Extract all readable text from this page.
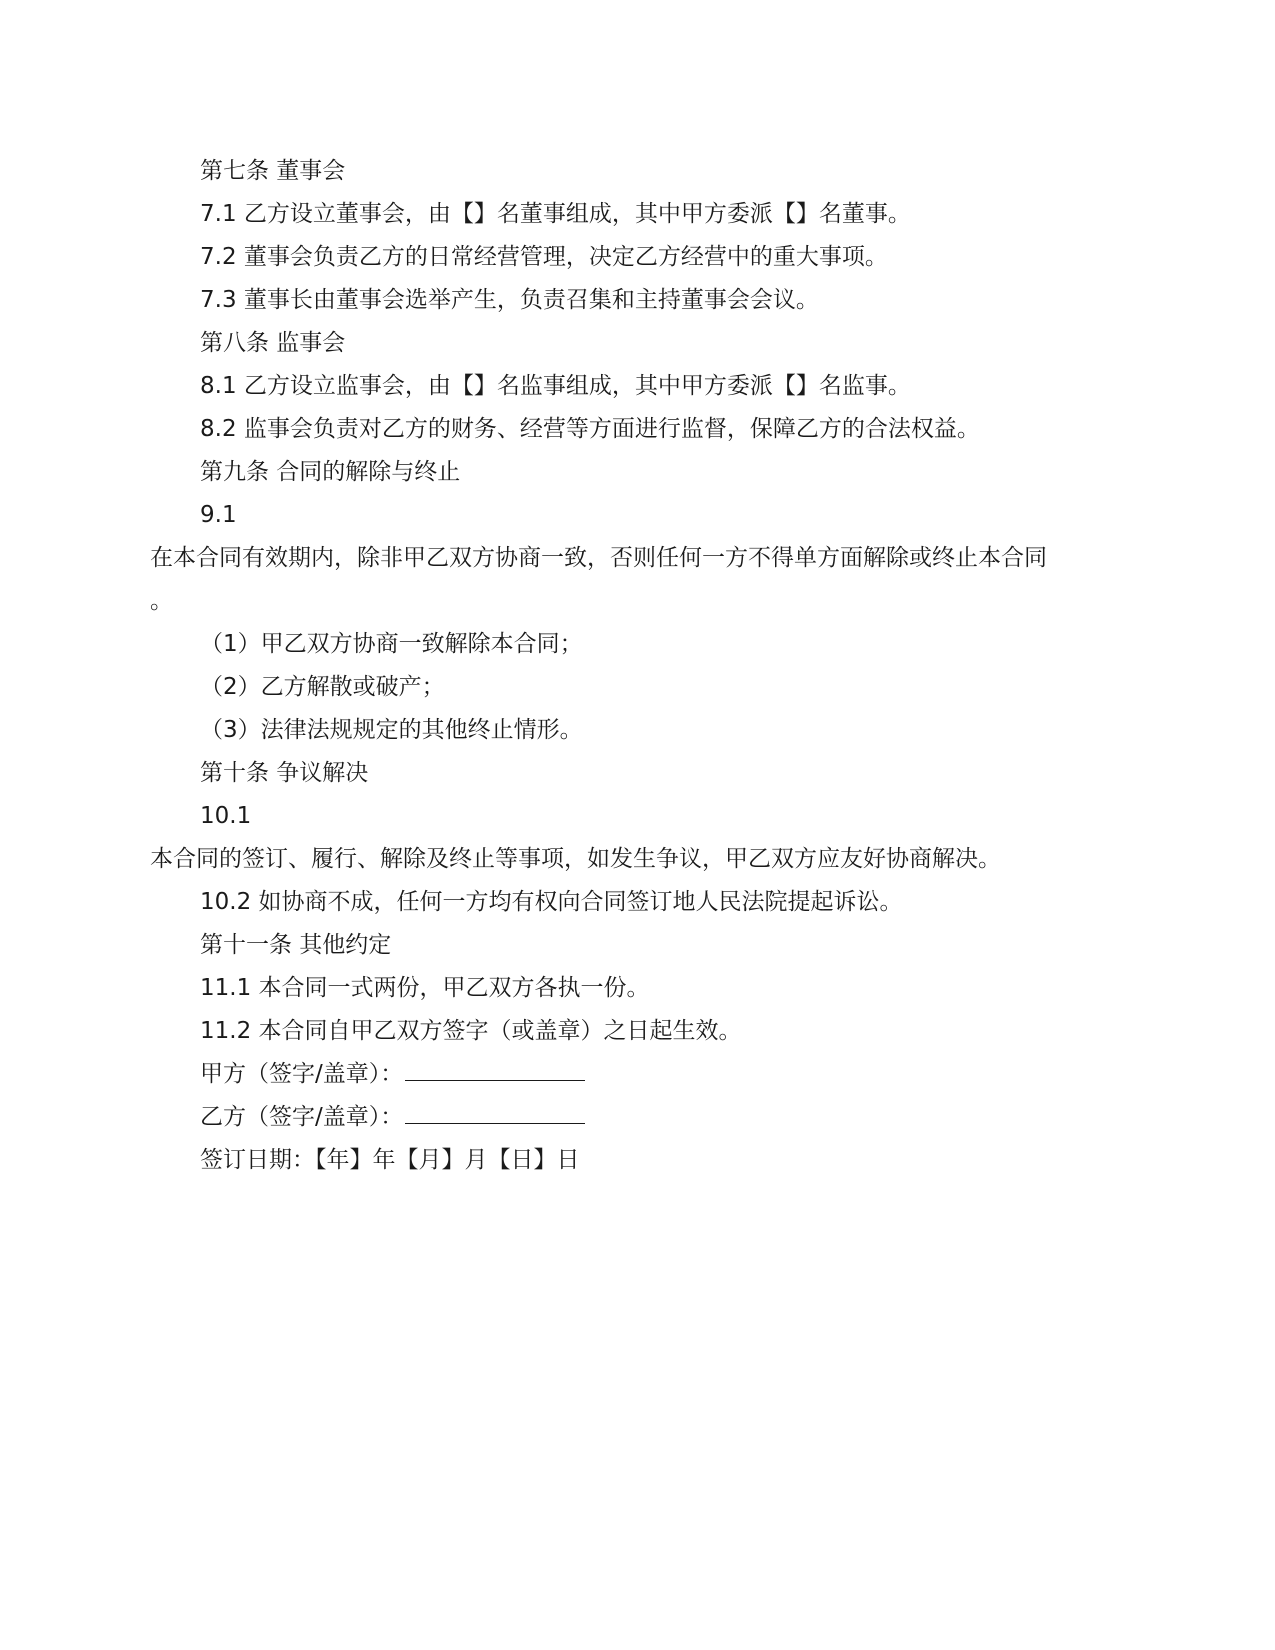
第七条 董事会
7.1 乙方设立董事会，由【】名董事组成，其中甲方委派【】名董事。
7.2 董事会负责乙方的日常经营管理，决定乙方经营中的重大事项。
7.3 董事长由董事会选举产生，负责召集和主持董事会会议。
第八条 监事会
8.1 乙方设立监事会，由【】名监事组成，其中甲方委派【】名监事。
8.2 监事会负责对乙方的财务、经营等方面进行监督，保障乙方的合法权益。
第九条 合同的解除与终止
9.1
在本合同有效期内，除非甲乙双方协商一致，否则任何一方不得单方面解除或终止本合同
。
（1）甲乙双方协商一致解除本合同；
（2）乙方解散或破产；
（3）法律法规规定的其他终止情形。
第十条 争议解决
10.1
本合同的签订、履行、解除及终止等事项，如发生争议，甲乙双方应友好协商解决。
10.2 如协商不成，任何一方均有权向合同签订地人民法院提起诉讼。
第十一条 其他约定
11.1 本合同一式两份，甲乙双方各执一份。
11.2 本合同自甲乙双方签字（或盖章）之日起生效。
甲方（签字/盖章）：
乙方（签字/盖章）：
签订日期：【年】年【月】月【日】日
